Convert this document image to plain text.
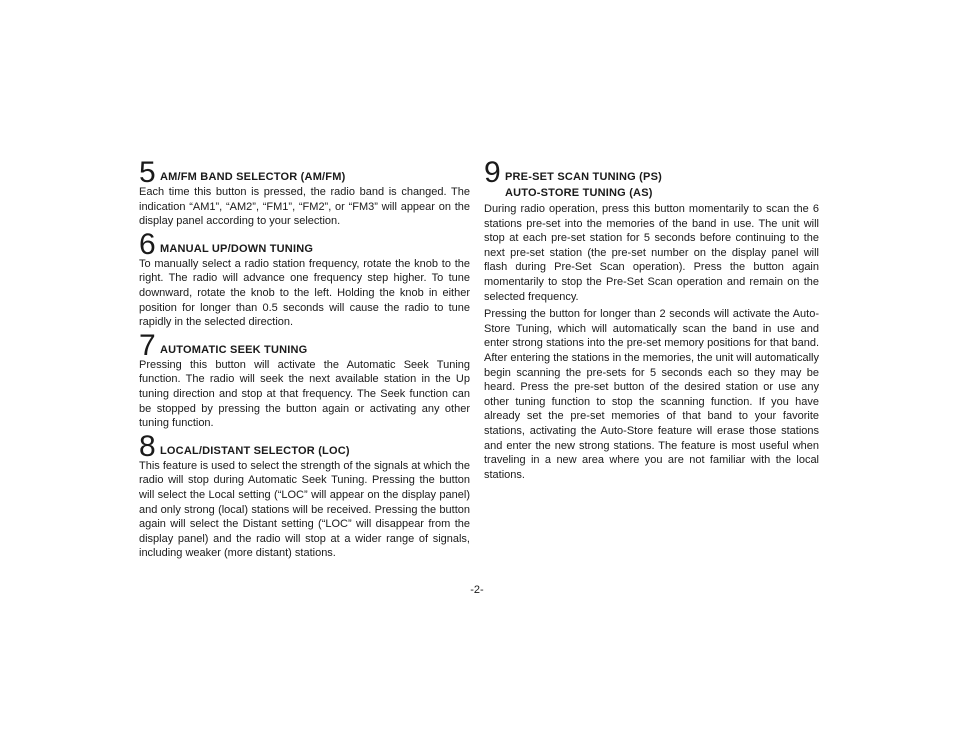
5 AM/FM BAND SELECTOR (AM/FM)

Each time this button is pressed, the radio band is changed. The indication “AM1”, “AM2”, “FM1”, “FM2”, or “FM3” will appear on the display panel according to your selection.

6 MANUAL UP/DOWN TUNING

To manually select a radio station frequency, rotate the knob to the right. The radio will advance one frequency step higher. To tune downward, rotate the knob to the left. Holding the knob in either position for longer than 0.5 seconds will cause the radio to tune rapidly in the selected direction.

7 AUTOMATIC SEEK TUNING

Pressing this button will activate the Automatic Seek Tuning function. The radio will seek the next available station in the Up tuning direction and stop at that frequency. The Seek function can be stopped by pressing the button again or activating any other tuning function.

8 LOCAL/DISTANT SELECTOR (LOC)

This feature is used to select the strength of the signals at which the radio will stop during Automatic Seek Tuning. Pressing the button will select the Local setting (“LOC” will appear on the display panel) and only strong (local) stations will be received. Pressing the button again will select the Distant setting (“LOC” will disappear from the display panel) and the radio will stop at a wider range of signals, including weaker (more distant) stations.

9 PRE-SET SCAN TUNING (PS)
AUTO-STORE TUNING (AS)

During radio operation, press this button momentarily to scan the 6 stations pre-set into the memories of the band in use. The unit will stop at each pre-set station for 5 seconds before continuing to the next pre-set station (the pre-set number on the display panel will flash during Pre-Set Scan operation). Press the button again momentarily to stop the Pre-Set Scan operation and remain on the selected frequency.

Pressing the button for longer than 2 seconds will activate the Auto-Store Tuning, which will automatically scan the band in use and enter strong stations into the pre-set memory positions for that band. After entering the stations in the memories, the unit will automatically begin scanning the pre-sets for 5 seconds each so they may be heard. Press the pre-set button of the desired station or use any other tuning function to stop the scanning function. If you have already set the pre-set memories of that band to your favorite stations, activating the Auto-Store feature will erase those stations and enter the new strong stations. The feature is most useful when traveling in a new area where you are not familiar with the local stations.

-2-
